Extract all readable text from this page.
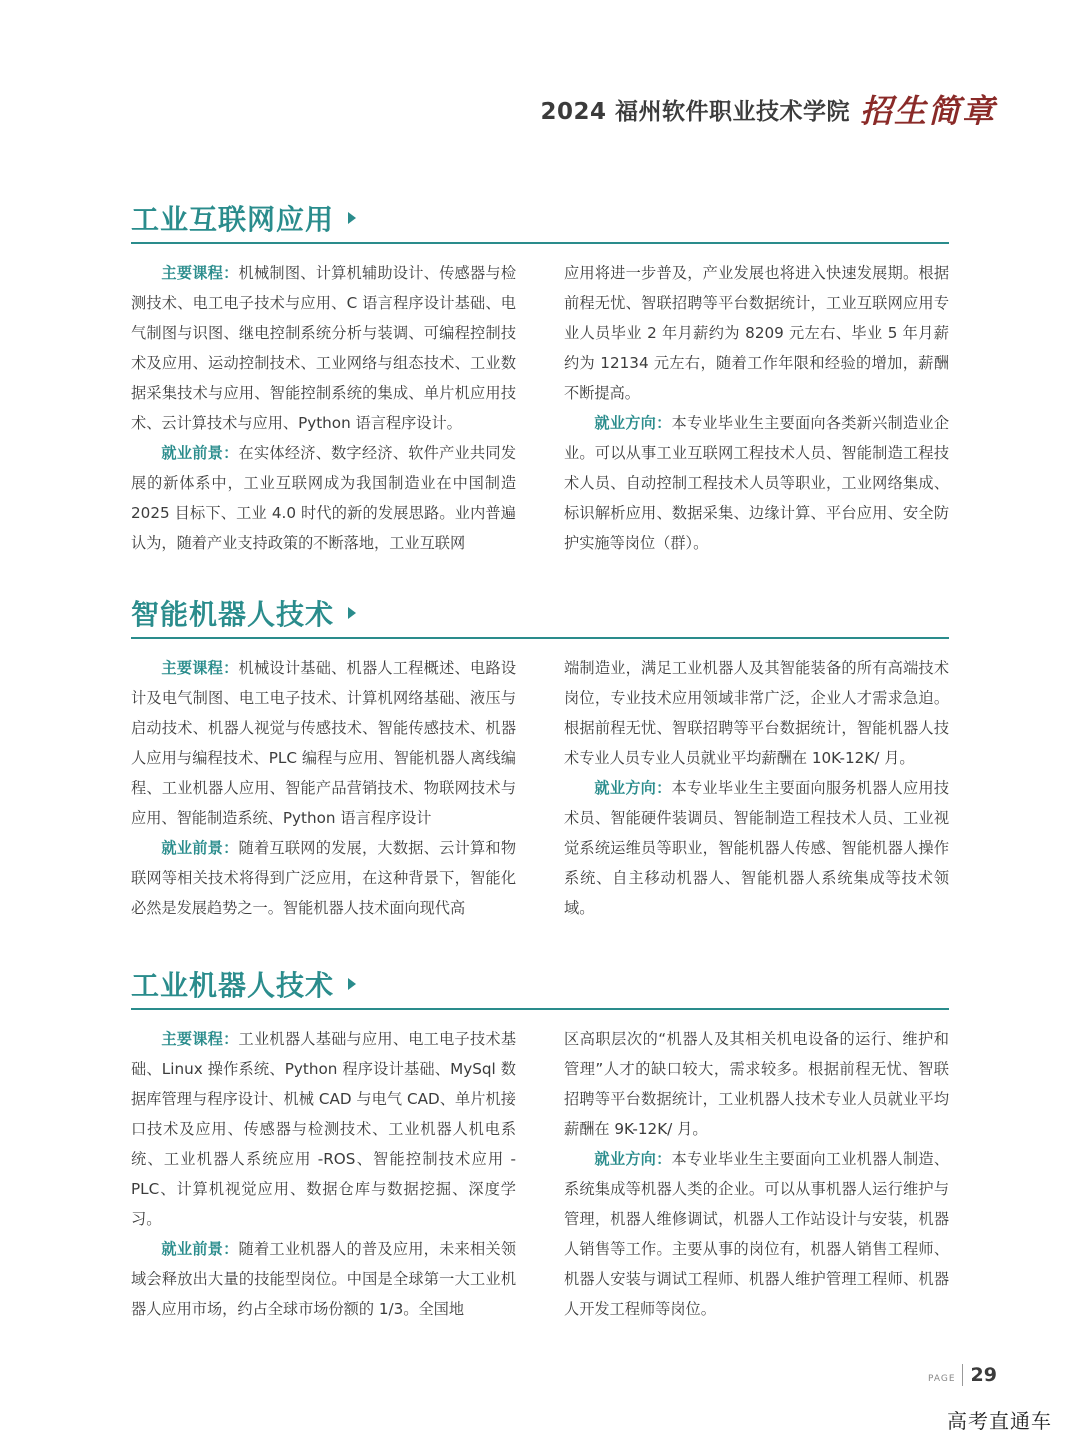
2024 福州软件职业技术学院 招生简章
工业互联网应用

主要课程：机械制图、计算机辅助设计、传感器与检测技术、电工电子技术与应用、C 语言程序设计基础、电气制图与识图、继电控制系统分析与装调、可编程控制技术及应用、运动控制技术、工业网络与组态技术、工业数据采集技术与应用、智能控制系统的集成、单片机应用技术、云计算技术与应用、Python 语言程序设计。

就业前景：在实体经济、数字经济、软件产业共同发展的新体系中，工业互联网成为我国制造业在中国制造 2025 目标下、工业 4.0 时代的新的发展思路。业内普遍认为，随着产业支持政策的不断落地，工业互联网

应用将进一步普及，产业发展也将进入快速发展期。根据前程无忧、智联招聘等平台数据统计，工业互联网应用专业人员毕业 2 年月薪约为 8209 元左右、毕业 5 年月薪约为 12134 元左右，随着工作年限和经验的增加，薪酬不断提高。

就业方向：本专业毕业生主要面向各类新兴制造业企业。可以从事工业互联网工程技术人员、智能制造工程技术人员、自动控制工程技术人员等职业，工业网络集成、标识解析应用、数据采集、边缘计算、平台应用、安全防护实施等岗位（群）。

智能机器人技术

主要课程：机械设计基础、机器人工程概述、电路设计及电气制图、电工电子技术、计算机网络基础、液压与启动技术、机器人视觉与传感技术、智能传感技术、机器人应用与编程技术、PLC 编程与应用、智能机器人离线编程、工业机器人应用、智能产品营销技术、物联网技术与应用、智能制造系统、Python 语言程序设计

就业前景：随着互联网的发展，大数据、云计算和物联网等相关技术将得到广泛应用，在这种背景下，智能化必然是发展趋势之一。智能机器人技术面向现代高

端制造业，满足工业机器人及其智能装备的所有高端技术岗位，专业技术应用领域非常广泛，企业人才需求急迫。根据前程无忧、智联招聘等平台数据统计，智能机器人技术专业人员专业人员就业平均薪酬在 10K-12K/ 月。

就业方向：本专业毕业生主要面向服务机器人应用技术员、智能硬件装调员、智能制造工程技术人员、工业视觉系统运维员等职业，智能机器人传感、智能机器人操作系统、自主移动机器人、智能机器人系统集成等技术领域。

工业机器人技术

主要课程：工业机器人基础与应用、电工电子技术基础、Linux 操作系统、Python 程序设计基础、MySql 数据库管理与程序设计、机械 CAD 与电气 CAD、单片机接口技术及应用、传感器与检测技术、工业机器人机电系统、工业机器人系统应用 -ROS、智能控制技术应用 -PLC、计算机视觉应用、数据仓库与数据挖掘、深度学习。

就业前景：随着工业机器人的普及应用，未来相关领域会释放出大量的技能型岗位。中国是全球第一大工业机器人应用市场，约占全球市场份额的 1/3。全国地

区高职层次的“机器人及其相关机电设备的运行、维护和管理”人才的缺口较大，需求较多。根据前程无忧、智联招聘等平台数据统计，工业机器人技术专业人员就业平均薪酬在 9K-12K/ 月。

就业方向：本专业毕业生主要面向工业机器人制造、系统集成等机器人类的企业。可以从事机器人运行维护与管理，机器人维修调试，机器人工作站设计与安装，机器人销售等工作。主要从事的岗位有，机器人销售工程师、机器人安装与调试工程师、机器人维护管理工程师、机器人开发工程师等岗位。

PAGE 29
高考直通车
